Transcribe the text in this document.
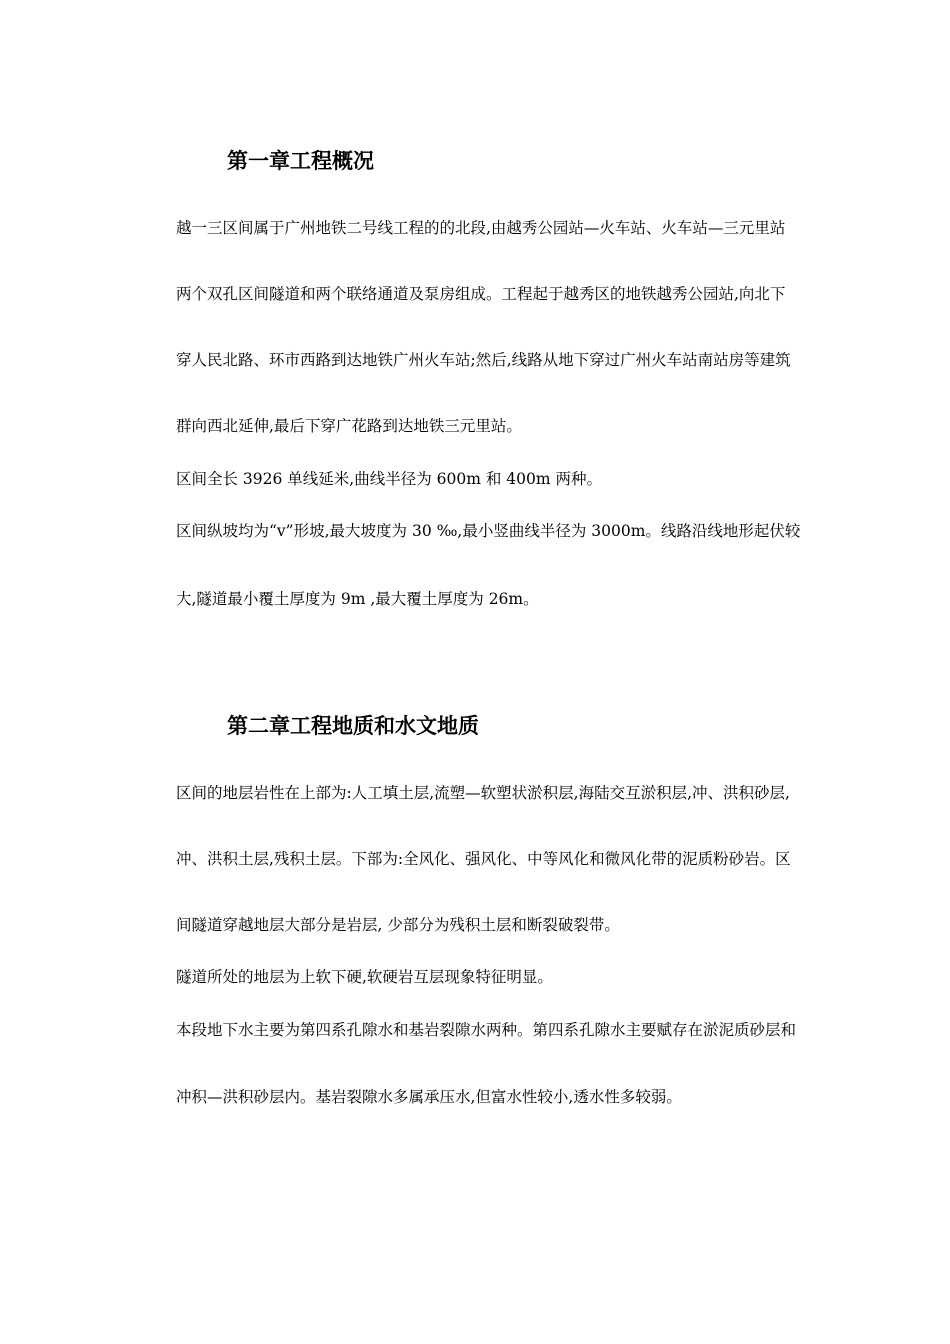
第一章工程概况

越一三区间属于广州地铁二号线工程的的北段,由越秀公园站—火车站、火车站—三元里站

两个双孔区间隧道和两个联络通道及泵房组成。工程起于越秀区的地铁越秀公园站,向北下

穿人民北路、环市西路到达地铁广州火车站;然后,线路从地下穿过广州火车站南站房等建筑

群向西北延伸,最后下穿广花路到达地铁三元里站。

区间全长 3926 单线延米,曲线半径为 600m 和 400m 两种。

区间纵坡均为“v”形坡,最大坡度为 30 ‰,最小竖曲线半径为 3000m。线路沿线地形起伏较

大,隧道最小覆土厚度为 9m ,最大覆土厚度为 26m。

第二章工程地质和水文地质

区间的地层岩性在上部为:人工填土层,流塑—软塑状淤积层,海陆交互淤积层,冲、洪积砂层,

冲、洪积土层,残积土层。下部为:全风化、强风化、中等风化和微风化带的泥质粉砂岩。区

间隧道穿越地层大部分是岩层, 少部分为残积土层和断裂破裂带。

隧道所处的地层为上软下硬,软硬岩互层现象特征明显。

本段地下水主要为第四系孔隙水和基岩裂隙水两种。第四系孔隙水主要赋存在淤泥质砂层和

冲积—洪积砂层内。基岩裂隙水多属承压水,但富水性较小,透水性多较弱。
